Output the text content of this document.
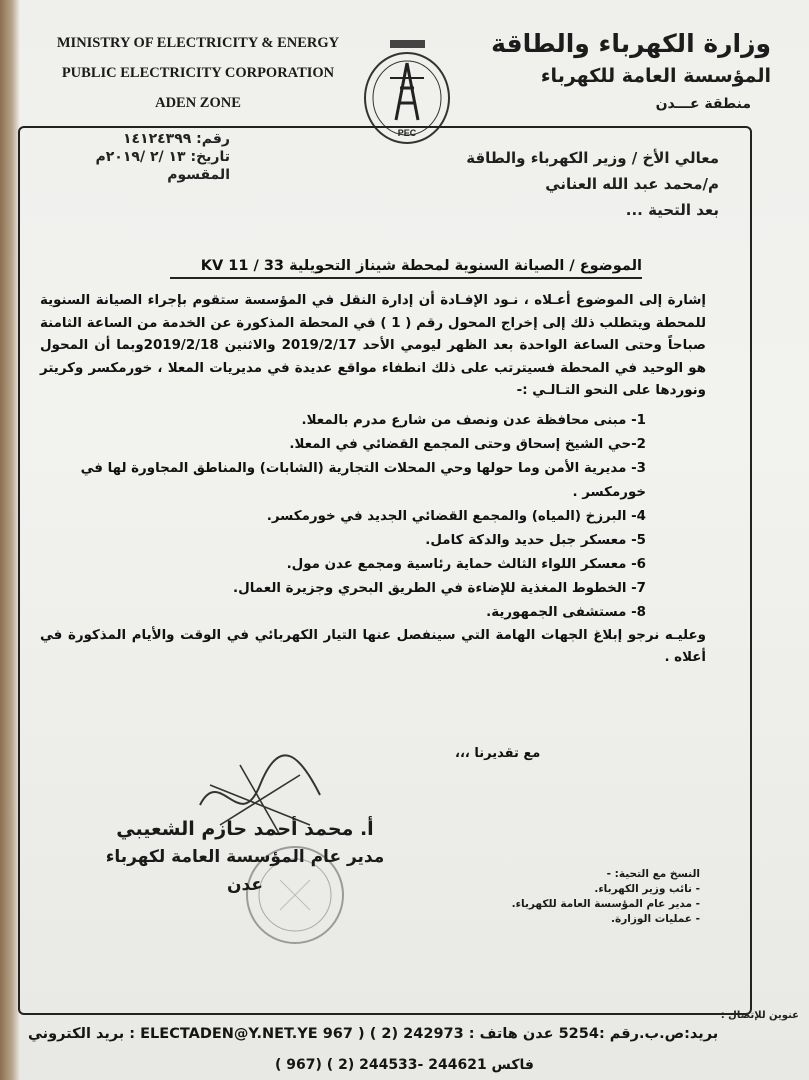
MINISTRY OF ELECTRICITY & ENERGY
PUBLIC ELECTRICITY CORPORATION
ADEN ZONE
PEC
وزارة الكهرباء والطاقة
المؤسسة العامة للكهرباء
منطقة عـــدن
رقم: ١٤١٢٤٣٩٩
تاريخ: ١٣ /٢ /٢٠١٩م
المقسوم
معالي الأخ / وزير الكهرباء والطاقة
م/محمد عبد الله العناني
بعد التحية ...
الموضوع / الصيانة السنوية لمحطة شيناز التحويلية 33 / 11 KV

إشارة إلى الموضوع أعـلاه ، نـود الإفـادة أن إدارة النقل في المؤسسة ستقوم بإجراء الصيانة السنوية للمحطة ويتطلب ذلك إلى إخراج المحول رقم ( 1 ) في المحطة المذكورة عن الخدمة من الساعة الثامنة صباحاً وحتى الساعة الواحدة بعد الظهر ليومي الأحد 2019/2/17 والاثنين 2019/2/18وبما أن المحول هو الوحيد في المحطة فسيترتب على ذلك انطفاء مواقع عديدة في مديريات المعلا ، خورمكسر وكريتر ونوردها على النحو التـالـي :-

1- مبنى محافظة عدن ونصف من شارع مدرم بالمعلا.
2-حي الشيخ إسحاق وحتى المجمع القضائي في المعلا.
3- مديرية الأمن وما حولها وحي المحلات التجارية (الشابات) والمناطق المجاورة لها في خورمكسر .
4- البرزخ (المياه) والمجمع القضائي الجديد في خورمكسر.
5- معسكر جبل حديد والدكة كامل.
6- معسكر اللواء الثالث حماية رئاسية ومجمع عدن مول.
7- الخطوط المغذية للإضاءة في الطريق البحري وجزيرة العمال.
8- مستشفى الجمهورية.

وعليـه نرجو إبلاغ الجهات الهامة التي سينفصل عنها التيار الكهربائي في الوقت والأيام المذكورة في أعلاه .

مع تقديرنا ،،،
أ. محمد أحمد حازم الشعيبي
مدير عام المؤسسة العامة لكهرباء عدن
النسخ مع التحية: -
- نائب وزير الكهرباء.
- مدير عام المؤسسة العامة للكهرباء.
- عمليات الوزارة.
عنوين للإتصال :
بريد الكتروني : ELECTADEN@Y.NET.YE بريد:ص.ب.رقم :5254 عدن هاتف : 242973 (2 ) ( 967
فاكس 244621 -244533 (2 ) (967 )
